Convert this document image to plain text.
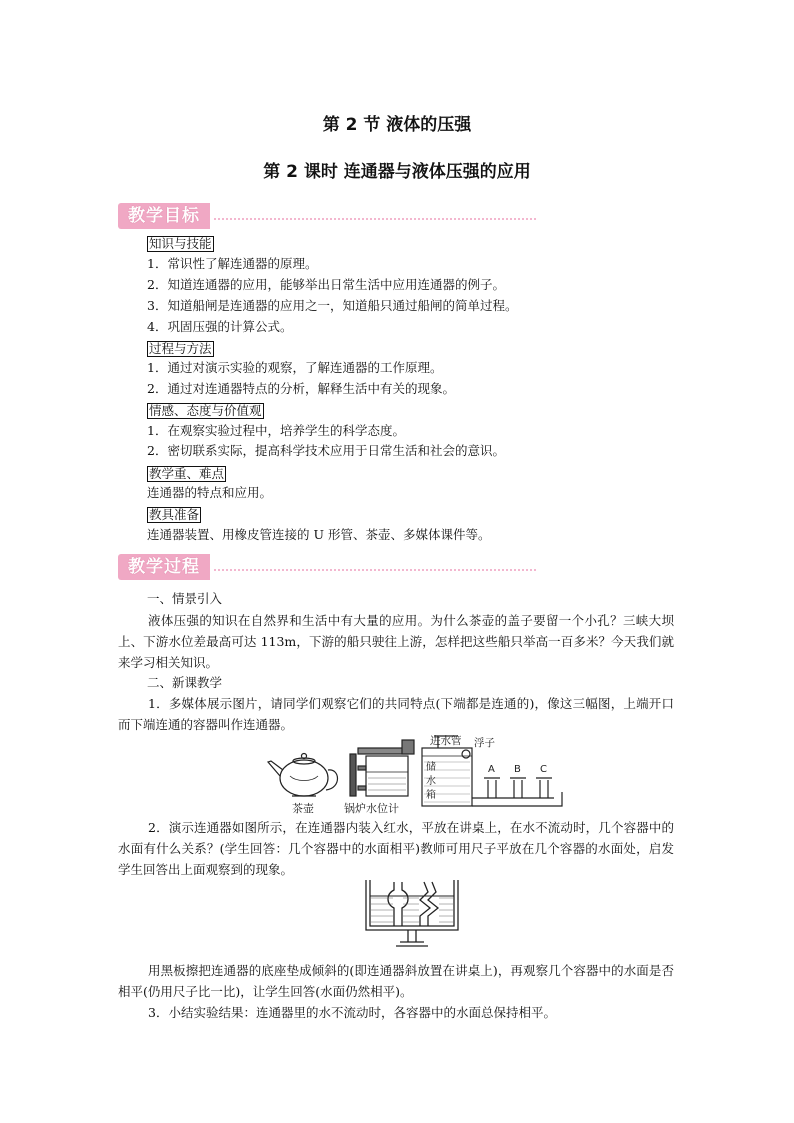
第 2 节 液体的压强
第 2 课时 连通器与液体压强的应用
教学目标
知识与技能
1．常识性了解连通器的原理。
2．知道连通器的应用，能够举出日常生活中应用连通器的例子。
3．知道船闸是连通器的应用之一，知道船只通过船闸的简单过程。
4．巩固压强的计算公式。
过程与方法
1．通过对演示实验的观察，了解连通器的工作原理。
2．通过对连通器特点的分析，解释生活中有关的现象。
情感、态度与价值观
1．在观察实验过程中，培养学生的科学态度。
2．密切联系实际，提高科学技术应用于日常生活和社会的意识。
教学重、难点
连通器的特点和应用。
教具准备
连通器装置、用橡皮管连接的 U 形管、茶壶、多媒体课件等。
教学过程
一、情景引入
液体压强的知识在自然界和生活中有大量的应用。为什么茶壶的盖子要留一个小孔？三峡大坝上、下游水位差最高可达 113m，下游的船只驶往上游，怎样把这些船只举高一百多米？今天我们就来学习相关知识。
二、新课教学
1．多媒体展示图片，请同学们观察它们的共同特点(下端都是连通的)，像这三幅图，上端开口而下端连通的容器叫作连通器。
茶壶	锅炉水位计
进水管 浮子
储
水
箱
A B C
2．演示连通器如图所示，在连通器内装入红水，平放在讲桌上，在水不流动时，几个容器中的水面有什么关系？(学生回答：几个容器中的水面相平)教师可用尺子平放在几个容器的水面处，启发学生回答出上面观察到的现象。
用黑板擦把连通器的底座垫成倾斜的(即连通器斜放置在讲桌上)，再观察几个容器中的水面是否相平(仍用尺子比一比)，让学生回答(水面仍然相平)。
3．小结实验结果：连通器里的水不流动时，各容器中的水面总保持相平。
